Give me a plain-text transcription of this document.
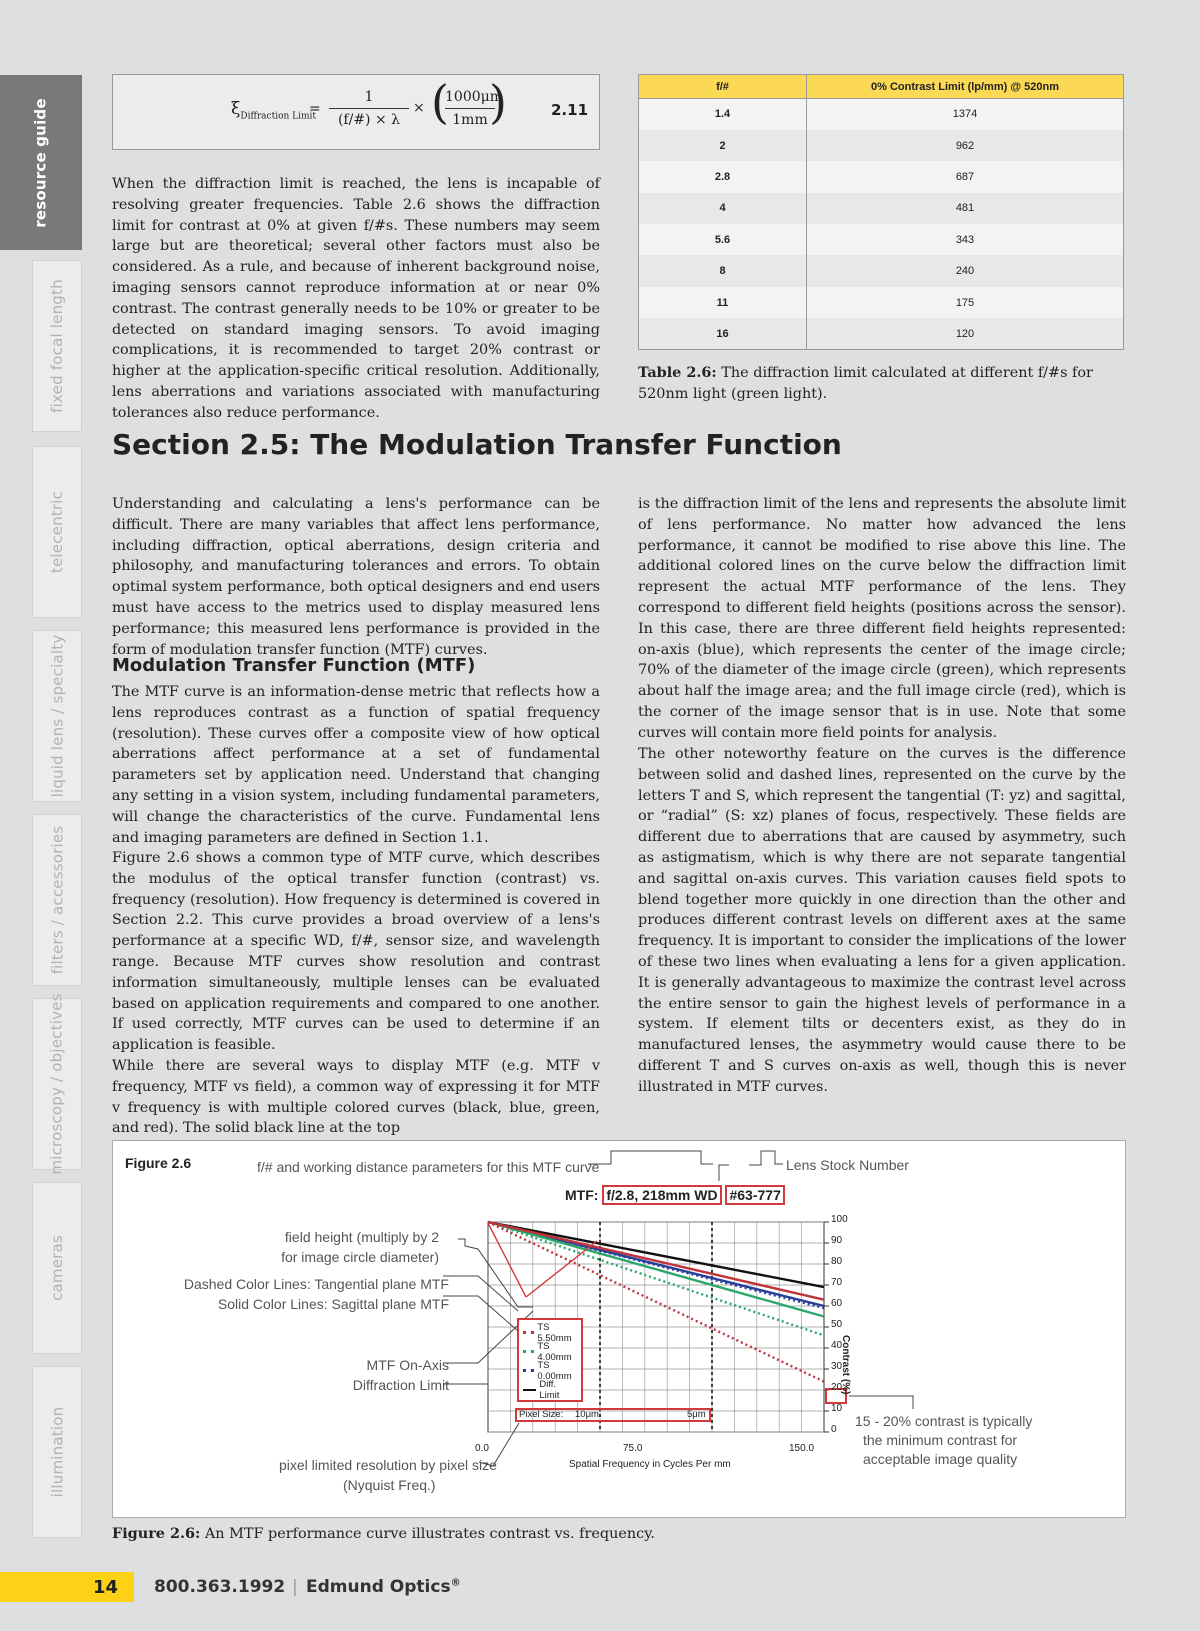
resource guide
fixed focal length
telecentric
liquid lens / specialty
filters / accessories
microscopy / objectives
cameras
illumination
$\xi_{Diffraction Limit}$
= $\frac{1}{(f/\#) \times \lambda}$ × (
$\frac{1000\mu m}{1mm}$
)	2.11

When the diffraction limit is reached, the lens is incapable of resolving greater frequencies. Table 2.6 shows the diffraction limit for contrast at 0% at given f/#s. These numbers may seem large but are theoretical; several other factors must also be considered. As a rule, and because of inherent background noise, imaging sensors cannot reproduce information at or near 0% contrast. The contrast generally needs to be 10% or greater to be detected on standard imaging sensors. To avoid imaging complications, it is recommended to target 20% contrast or higher at the application-specific critical resolution. Additionally, lens aberrations and variations associated with manufacturing tolerances also reduce performance.

f/#	0% Contrast Limit (lp/mm) @ 520nm
1.4	1374
2	962
2.8	687
4	481
5.6	343
8	240
11	175
16	120

Table 2.6: The diffraction limit calculated at different f/#s for 520nm light (green light).

Section 2.5: The Modulation Transfer Function

Understanding and calculating a lens's performance can be difficult. There are many variables that affect lens performance, including diffraction, optical aberrations, design criteria and philosophy, and manufacturing tolerances and errors. To obtain optimal system performance, both optical designers and end users must have access to the metrics used to display measured lens performance; this measured lens performance is provided in the form of modulation transfer function (MTF) curves.

Modulation Transfer Function (MTF)

The MTF curve is an information-dense metric that reflects how a lens reproduces contrast as a function of spatial frequency (resolution). These curves offer a composite view of how optical aberrations affect performance at a set of fundamental parameters set by application need. Understand that changing any setting in a vision system, including fundamental parameters, will change the characteristics of the curve. Fundamental lens and imaging parameters are defined in Section 1.1.

Figure 2.6 shows a common type of MTF curve, which describes the modulus of the optical transfer function (contrast) vs. frequency (resolution). How frequency is determined is covered in Section 2.2. This curve provides a broad overview of a lens's performance at a specific WD, f/#, sensor size, and wavelength range. Because MTF curves show resolution and contrast information simultaneously, multiple lenses can be evaluated based on application requirements and compared to one another. If used correctly, MTF curves can be used to determine if an application is feasible.

While there are several ways to display MTF (e.g. MTF v frequency, MTF vs field), a common way of expressing it for MTF v frequency is with multiple colored curves (black, blue, green, and red). The solid black line at the top

is the diffraction limit of the lens and represents the absolute limit of lens performance. No matter how advanced the lens performance, it cannot be modified to rise above this line. The additional colored lines on the curve below the diffraction limit represent the actual MTF performance of the lens. They correspond to different field heights (positions across the sensor). In this case, there are three different field heights represented: on-axis (blue), which represents the center of the image circle; 70% of the diameter of the image circle (green), which represents about half the image area; and the full image circle (red), which is the corner of the image sensor that is in use. Note that some curves will contain more field points for analysis.

The other noteworthy feature on the curves is the difference between solid and dashed lines, represented on the curve by the letters T and S, which represent the tangential (T: yz) and sagittal, or “radial” (S: xz) planes of focus, respectively. These fields are different due to aberrations that are caused by asymmetry, such as astigmatism, which is why there are not separate tangential and sagittal on-axis curves. This variation causes field spots to blend together more quickly in one direction than the other and produces different contrast levels on different axes at the same frequency. It is important to consider the implications of the lower of these two lines when evaluating a lens for a given application. It is generally advantageous to maximize the contrast level across the entire sensor to gain the highest levels of performance in a system. If element tilts or decenters exist, as they do in manufactured lenses, the asymmetry would cause there to be different T and S curves on-axis as well, though this is never illustrated in MTF curves.

Figure 2.6	f/# and working distance parameters for this MTF curve	Lens Stock Number
MTF: f/2.8, 218mm WD #63-777
field height (multiply by 2
for image circle diameter)
Dashed Color Lines: Tangential plane MTF
Solid Color Lines: Sagittal plane MTF
MTF On-Axis
Diffraction Limit
pixel limited resolution by pixel size
(Nyquist Freq.)
15 - 20% contrast is typically
the minimum contrast for
acceptable image quality
TS 5.50mm
TS 4.00mm
TS 0.00mm
Diff. Limit
Pixel Size: 10μm	5μm
0.0	75.0	150.0
Spatial Frequency in Cycles Per mm
100
90
80
70
60
50
40
30
20
10
0
Contrast (%)

Figure 2.6: An MTF performance curve illustrates contrast vs. frequency.

14 800.363.1992 | Edmund Optics®
